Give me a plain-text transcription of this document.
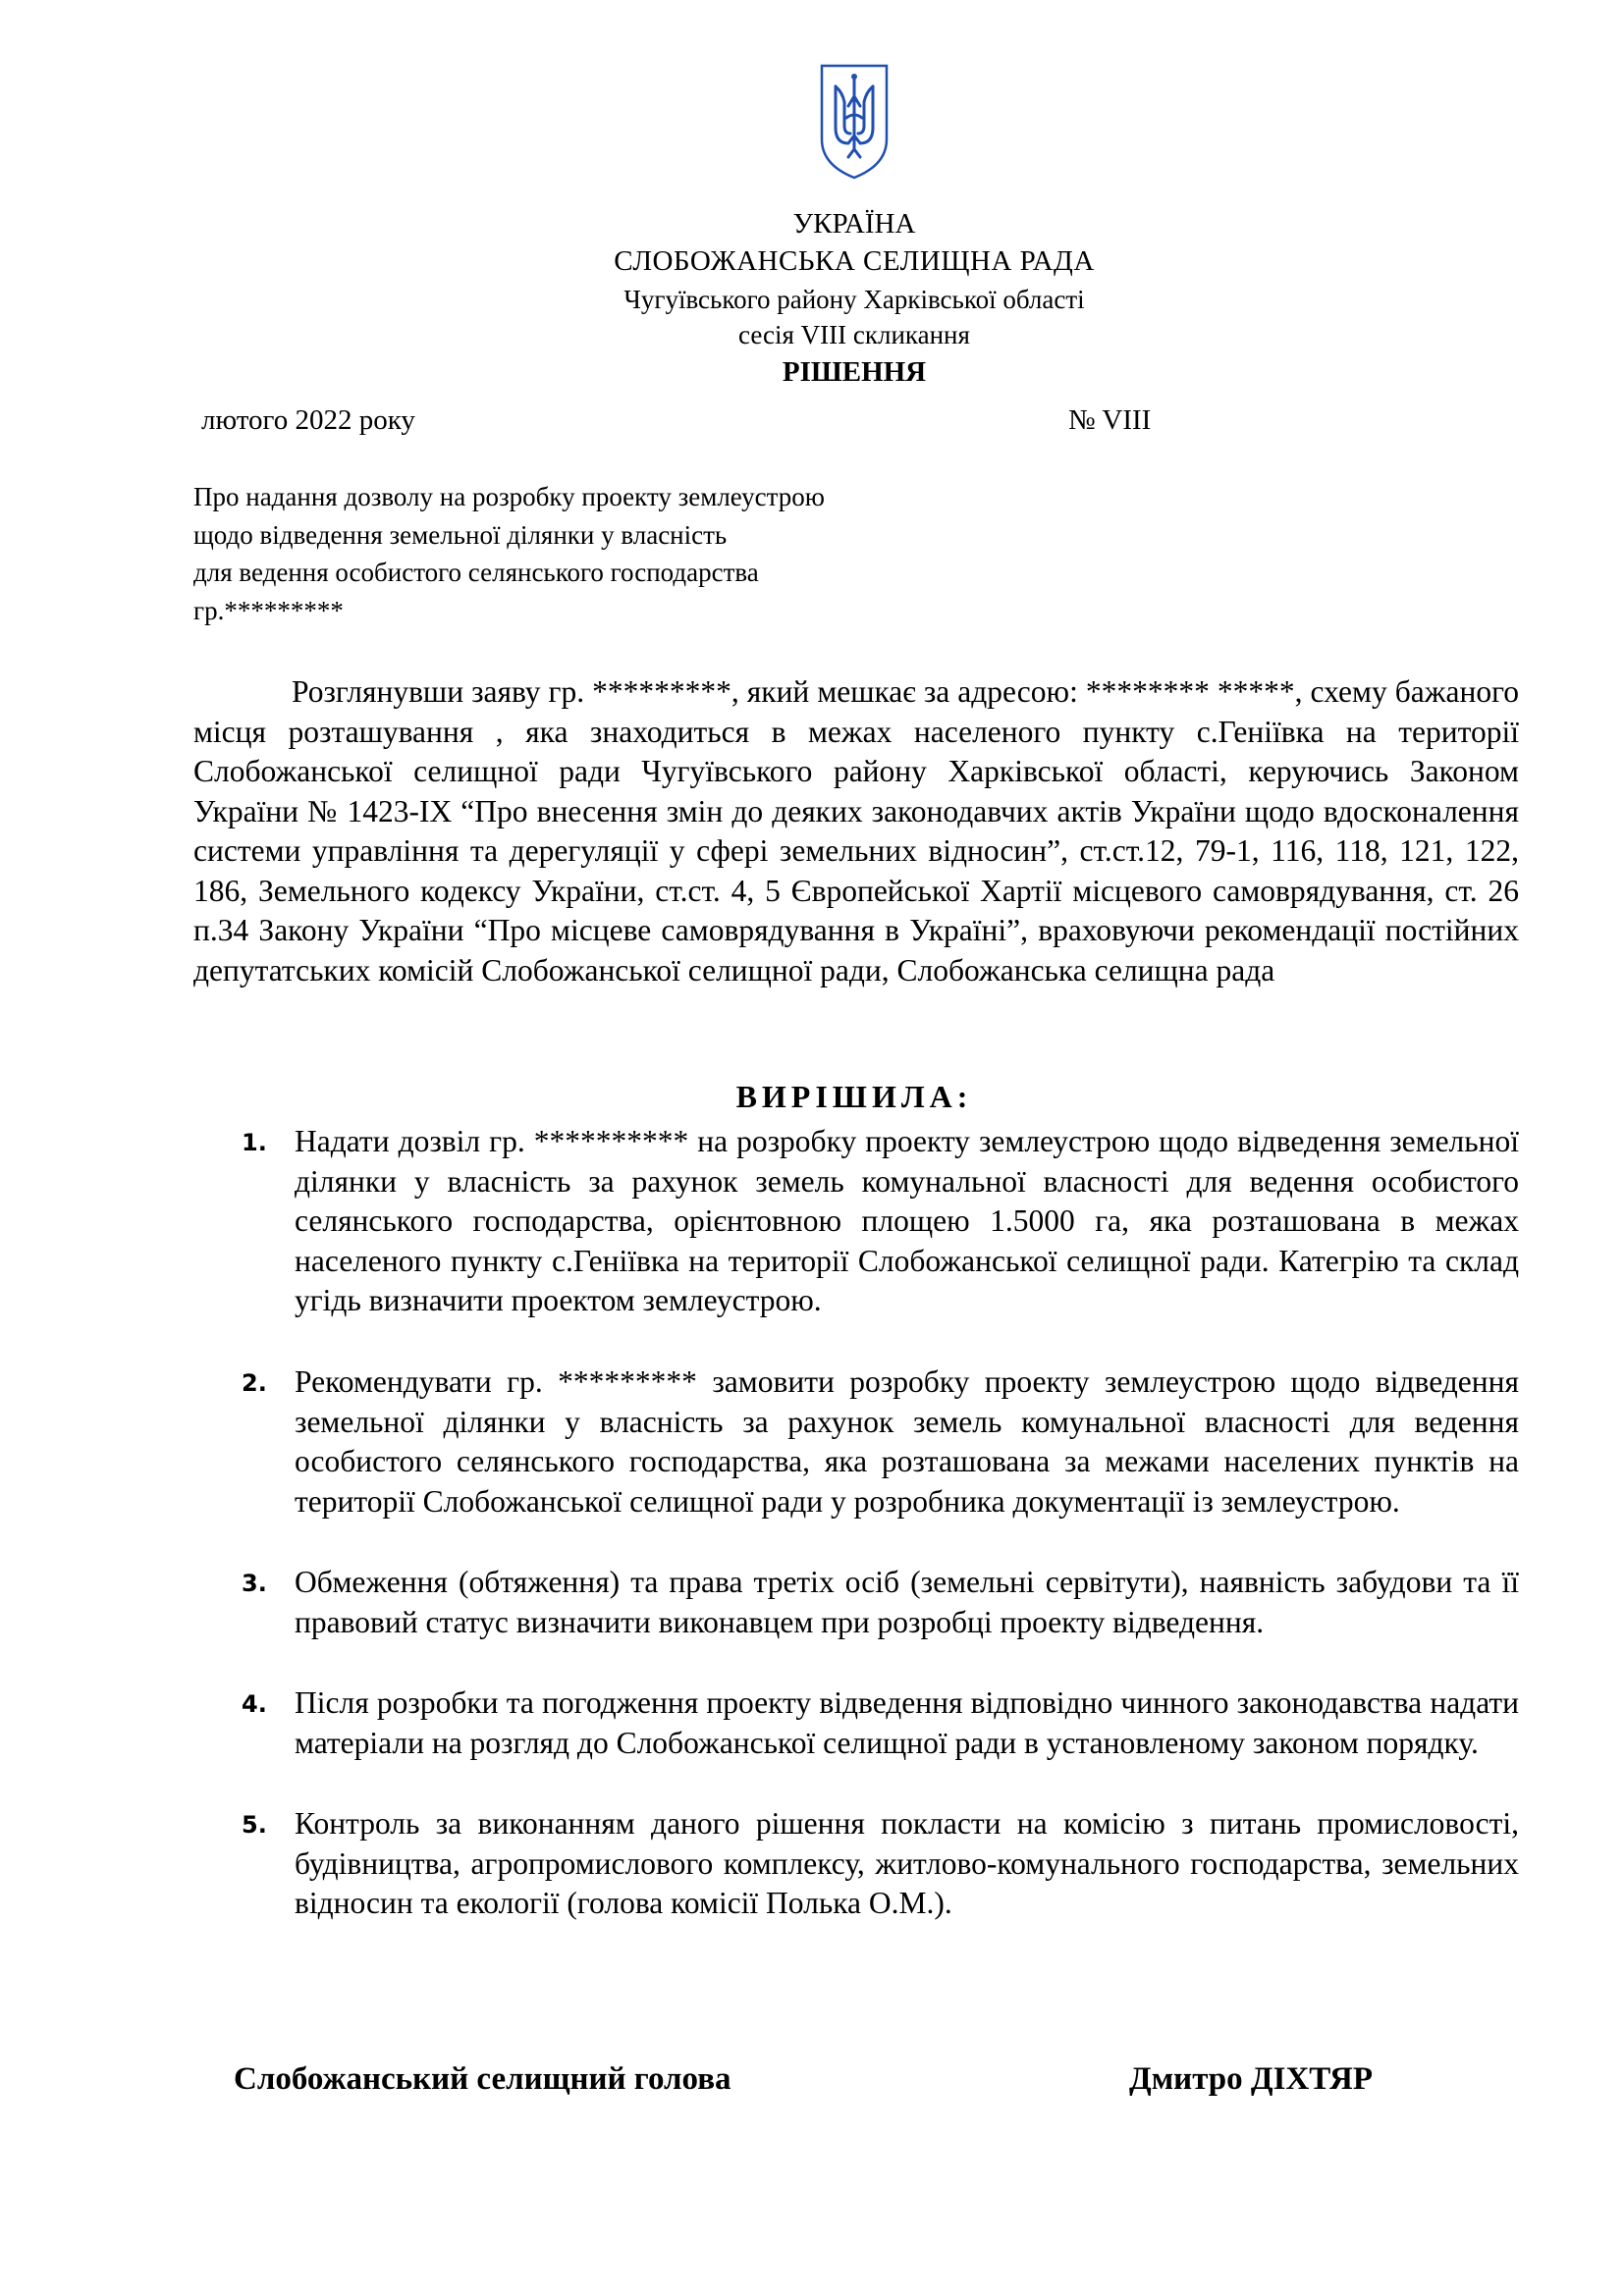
УКРАЇНА
СЛОБОЖАНСЬКА СЕЛИЩНА РАДА
Чугуївського району Харківської області
сесія VIII скликання
РІШЕННЯ
лютого 2022 року	№ VIII
Про надання дозволу на розробку проекту землеустрою
щодо відведення земельної ділянки у власність
для ведення особистого селянського господарства
гр.*********

Розглянувши заяву гр. *********, який мешкає за адресою: ******** *****, схему бажаного місця розташування , яка знаходиться в межах населеного пункту с.Геніївка на території Слобожанської селищної ради Чугуївського району Харківської області, керуючись Законом України № 1423-ІХ “Про внесення змін до деяких законодавчих актів України щодо вдосконалення системи управління та дерегуляції у сфері земельних відносин”, ст.ст.12, 79-1, 116, 118, 121, 122, 186, Земельного кодексу України, ст.ст. 4, 5 Європейської Хартії місцевого самоврядування, ст. 26 п.34 Закону України “Про місцеве самоврядування в Україні”, враховуючи рекомендації постійних депутатських комісій Слобожанської селищної ради, Слобожанська селищна рада

ВИРІШИЛА:
1. Надати дозвіл гр. ********** на розробку проекту землеустрою щодо відведення земельної ділянки у власність за рахунок земель комунальної власності для ведення особистого селянського господарства, орієнтовною площею 1.5000 га, яка розташована в межах населеного пункту с.Геніївка на території Слобожанської селищної ради. Категрію та склад угідь визначити проектом землеустрою.

2. Рекомендувати гр. ********* замовити розробку проекту землеустрою щодо відведення земельної ділянки у власність за рахунок земель комунальної власності для ведення особистого селянського господарства, яка розташована за межами населених пунктів на території Слобожанської селищної ради у розробника документації із землеустрою.

3. Обмеження (обтяження) та права третіх осіб (земельні сервітути), наявність забудови та її правовий статус визначити виконавцем при розробці проекту відведення.

4. Після розробки та погодження проекту відведення відповідно чинного законодавства надати матеріали на розгляд до Слобожанської селищної ради в установленому законом порядку.

5. Контроль за виконанням даного рішення покласти на комісію з питань промисловості, будівництва, агропромислового комплексу, житлово-комунального господарства, земельних відносин та екології (голова комісії Полька О.М.).

Слобожанський селищний голова	Дмитро ДІХТЯР
